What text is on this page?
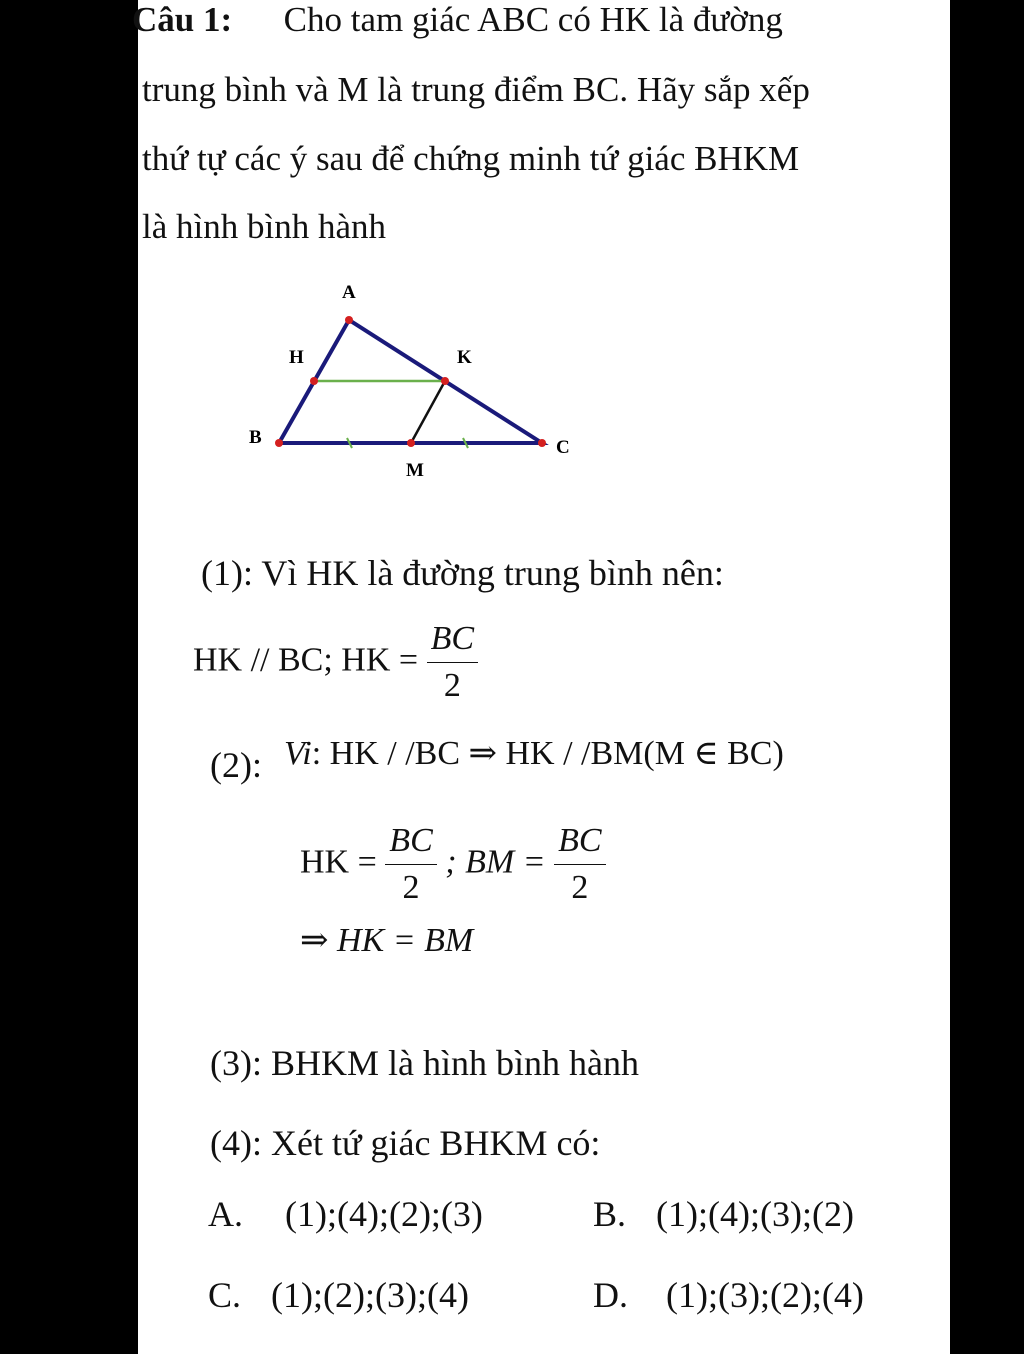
Câu 1: Cho tam giác ABC có HK là đường
trung bình và M là trung điểm BC. Hãy sắp xếp
thứ tự các ý sau để chứng minh tứ giác BHKM
là hình bình hành
A
H	K
B	C
M
(1): Vì HK là đường trung bình nên:
HK // BC; HK = $\frac{BC}{2}$
(2): Vi: HK / /BC ⇒ HK / /BM(M ∈ BC)
HK = $\frac{BC}{2}$ ; BM = $\frac{BC}{2}$
⇒ HK = BM
(3): BHKM là hình bình hành
(4): Xét tứ giác BHKM có:
A. (1);(4);(2);(3)	B. (1);(4);(3);(2)
C. (1);(2);(3);(4)	D. (1);(3);(2);(4)
